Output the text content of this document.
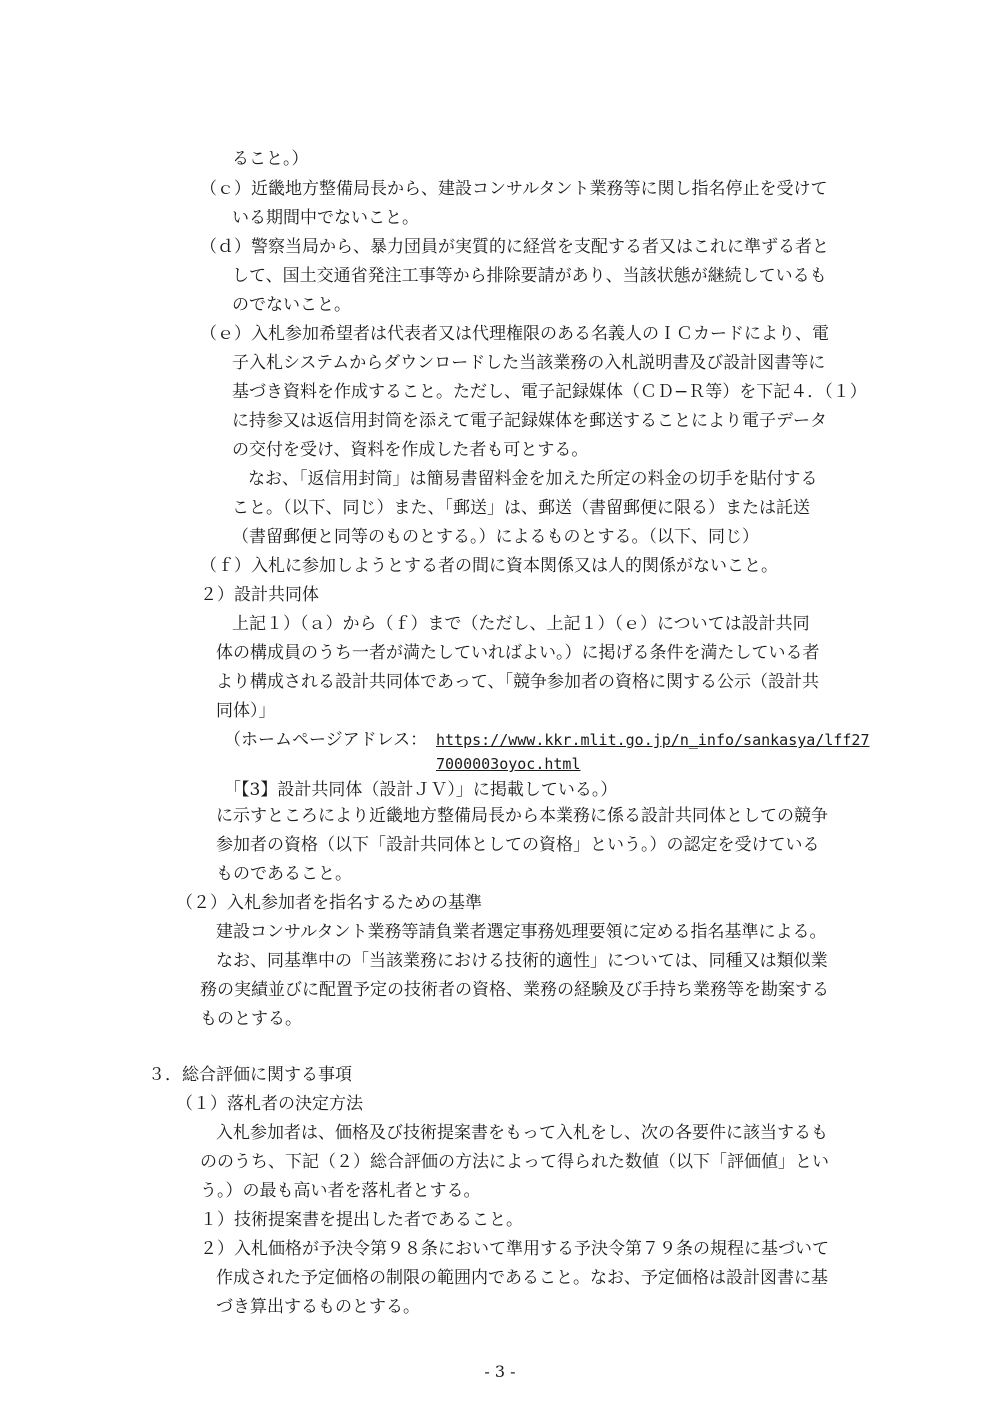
ること。）
（ｃ）近畿地方整備局長から、建設コンサルタント業務等に関し指名停止を受けて
いる期間中でないこと。
（ｄ）警察当局から、暴力団員が実質的に経営を支配する者又はこれに準ずる者と
して、国土交通省発注工事等から排除要請があり、当該状態が継続しているも
のでないこと。
（ｅ）入札参加希望者は代表者又は代理権限のある名義人のＩＣカードにより、電
子入札システムからダウンロードした当該業務の入札説明書及び設計図書等に
基づき資料を作成すること。ただし、電子記録媒体（ＣＤ−Ｒ等）を下記４．（１）
に持参又は返信用封筒を添えて電子記録媒体を郵送することにより電子データ
の交付を受け、資料を作成した者も可とする。
なお、「返信用封筒」は簡易書留料金を加えた所定の料金の切手を貼付する
こと。（以下、同じ）また、「郵送」は、郵送（書留郵便に限る）または託送
（書留郵便と同等のものとする。）によるものとする。（以下、同じ）
（ｆ）入札に参加しようとする者の間に資本関係又は人的関係がないこと。
２）設計共同体
上記１）（ａ）から（ｆ）まで（ただし、上記１）（ｅ）については設計共同
体の構成員のうち一者が満たしていればよい。）に掲げる条件を満たしている者
より構成される設計共同体であって、「競争参加者の資格に関する公示（設計共
同体）」
（ホームページアドレス： https://www.kkr.mlit.go.jp/n_info/sankasya/lff27
7000003oyoc.html
「【3】設計共同体（設計ＪＶ）」に掲載している。）
に示すところにより近畿地方整備局長から本業務に係る設計共同体としての競争
参加者の資格（以下「設計共同体としての資格」という。）の認定を受けている
ものであること。
（２）入札参加者を指名するための基準
建設コンサルタント業務等請負業者選定事務処理要領に定める指名基準による。
なお、同基準中の「当該業務における技術的適性」については、同種又は類似業
務の実績並びに配置予定の技術者の資格、業務の経験及び手持ち業務等を勘案する
ものとする。
３．総合評価に関する事項
（１）落札者の決定方法
入札参加者は、価格及び技術提案書をもって入札をし、次の各要件に該当するも
ののうち、下記（２）総合評価の方法によって得られた数値（以下「評価値」とい
う。）の最も高い者を落札者とする。
１）技術提案書を提出した者であること。
２）入札価格が予決令第９８条において準用する予決令第７９条の規程に基づいて
作成された予定価格の制限の範囲内であること。なお、予定価格は設計図書に基
づき算出するものとする。
- 3 -
